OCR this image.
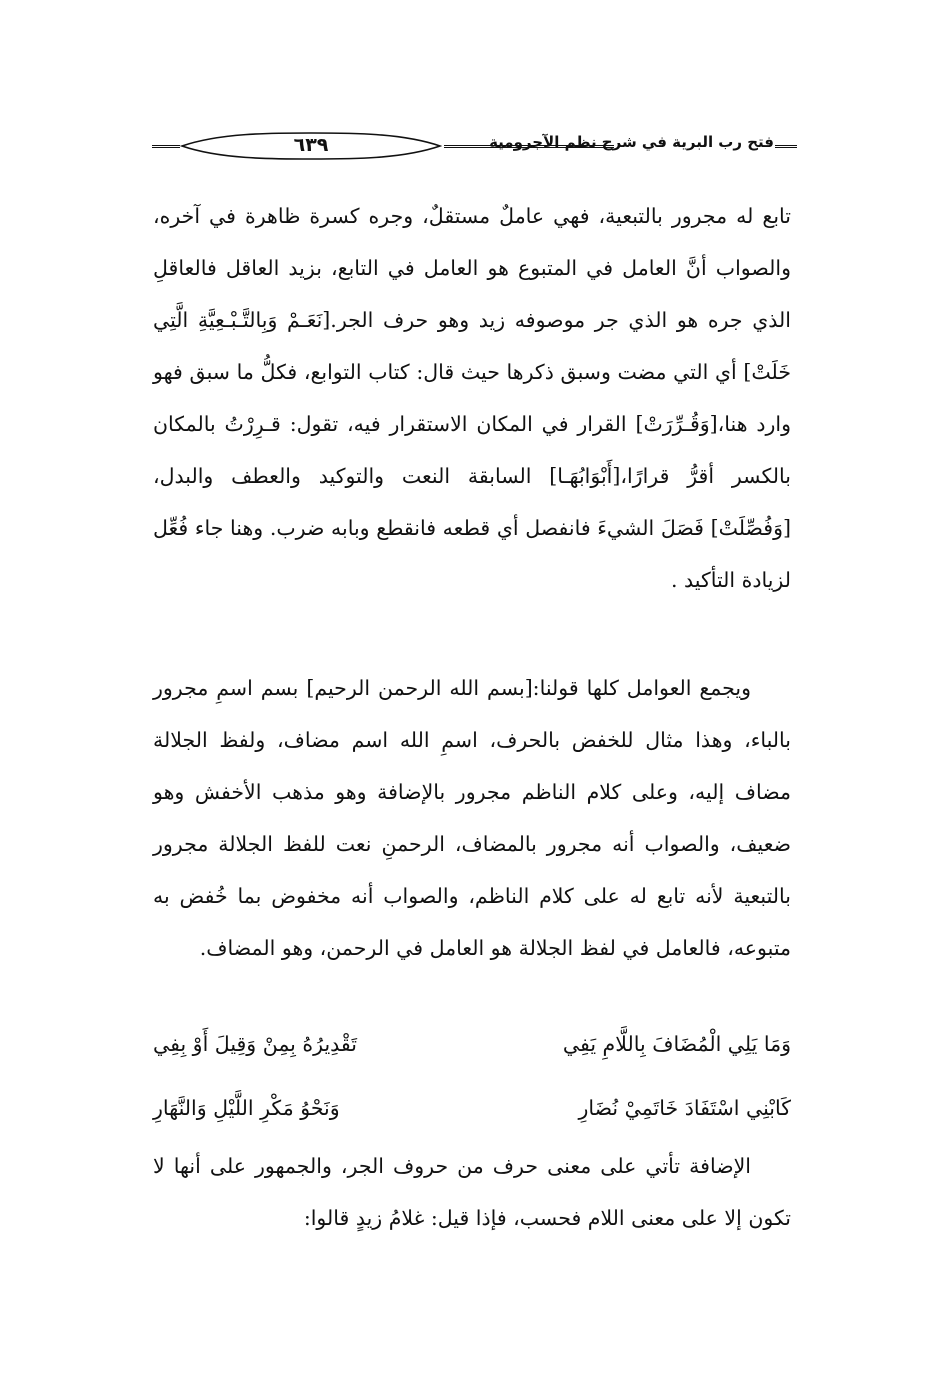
٦٣٩	فتح رب البرية في شرح نظم الآجرومية

تابع له مجرور بالتبعية، فهي عاملٌ مستقلٌ، وجره كسرة ظاهرة في آخره، والصواب أنَّ العامل في المتبوع هو العامل في التابع، بزيد العاقل فالعاقلِ الذي جره هو الذي جر موصوفه زيد وهو حرف الجر.[نَعَـمْ وَبِالتَّـبْـعِيَّةِ الَّتِي خَلَتْ] أي التي مضت وسبق ذكرها حيث قال: كتاب التوابع، فكلُّ ما سبق فهو وارد هنا،[وَقُـرِّرَتْ] القرار في المكان الاستقرار فيه، تقول: قـرِرْتُ بالمكان بالكسر أقرُّ قرارًا،[أَبْوَابُهَـا] السابقة النعت والتوكيد والعطف والبدل، [وَفُصِّلَتْ] فَصَلَ الشيءَ فانفصل أي قطعه فانقطع وبابه ضرب. وهنا جاء فُعِّل لزيادة التأكيد .

ويجمع العوامل كلها قولنا:[بسم الله الرحمن الرحيم] بسم اسمِ مجرور بالباء، وهذا مثال للخفض بالحرف، اسمِ الله اسم مضاف، ولفظ الجلالة مضاف إليه، وعلى كلام الناظم مجرور بالإضافة وهو مذهب الأخفش وهو ضعيف، والصواب أنه مجرور بالمضاف، الرحمنِ نعت للفظ الجلالة مجرور بالتبعية لأنه تابع له على كلام الناظم، والصواب أنه مخفوض بما خُفض به متبوعه، فالعامل في لفظ الجلالة هو العامل في الرحمن، وهو المضاف.

وَمَا يَلِي الْمُضَافَ بِاللَّامِ يَفِي
تَقْدِيرُهُ بِمِنْ وَقِيلَ أَوْ بِفِي
كَابْنِي اسْتَفَادَ خَاتَمِيْ نُضَارِ
وَنَحْوُ مَكْرِ اللَّيْلِ وَالنَّهَارِ

الإضافة تأتي على معنى حرف من حروف الجر، والجمهور على أنها لا تكون إلا على معنى اللام فحسب، فإذا قيل: غلامُ زيدٍ قالوا:
